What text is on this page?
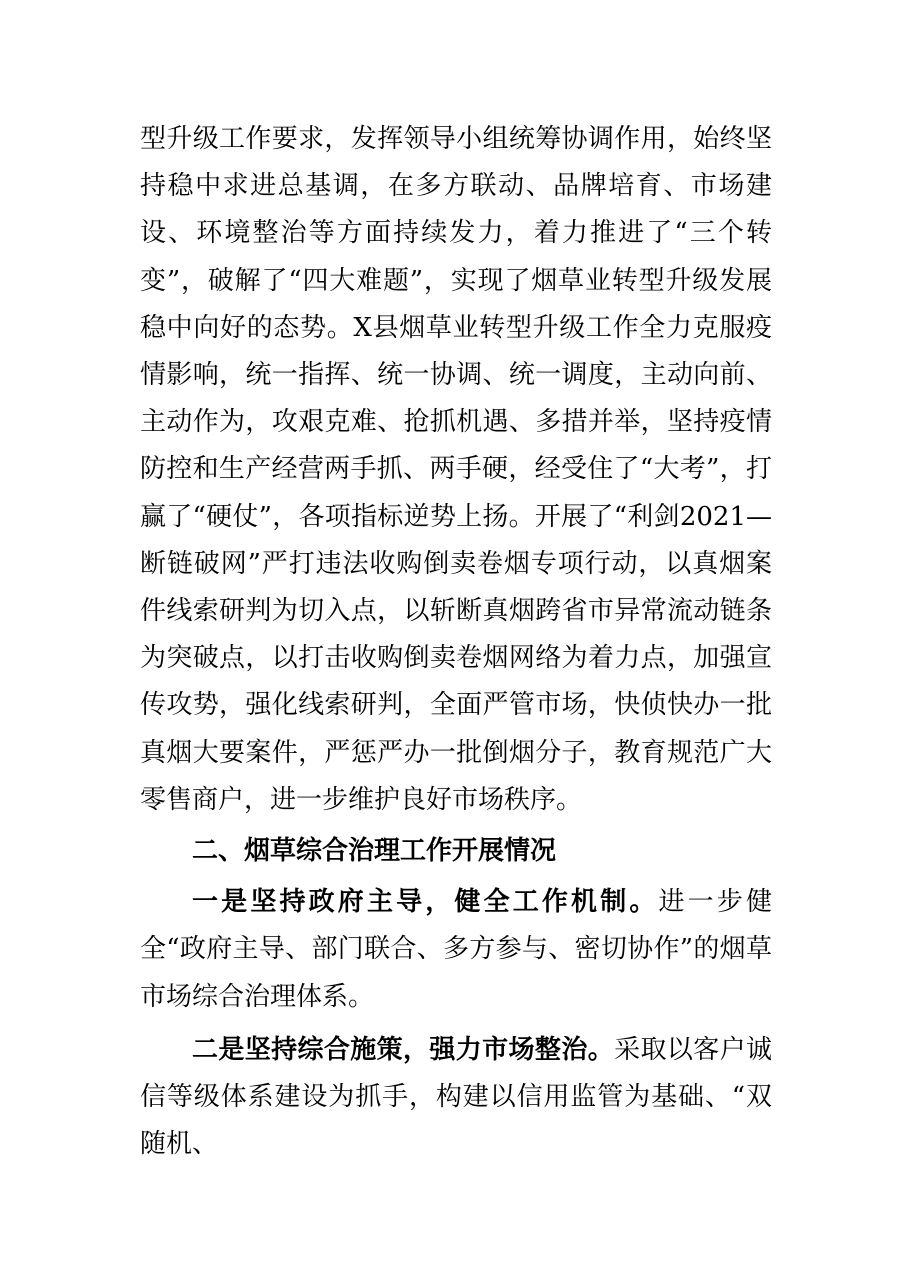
型升级工作要求，发挥领导小组统筹协调作用，始终坚持稳中求进总基调，在多方联动、品牌培育、市场建设、环境整治等方面持续发力，着力推进了“三个转变”，破解了“四大难题”，实现了烟草业转型升级发展稳中向好的态势。X县烟草业转型升级工作全力克服疫情影响，统一指挥、统一协调、统一调度，主动向前、主动作为，攻艰克难、抢抓机遇、多措并举，坚持疫情防控和生产经营两手抓、两手硬，经受住了“大考”，打赢了“硬仗”，各项指标逆势上扬。开展了“利剑2021—断链破网”严打违法收购倒卖卷烟专项行动，以真烟案件线索研判为切入点，以斩断真烟跨省市异常流动链条为突破点，以打击收购倒卖卷烟网络为着力点，加强宣传攻势，强化线索研判，全面严管市场，快侦快办一批真烟大要案件，严惩严办一批倒烟分子，教育规范广大零售商户，进一步维护良好市场秩序。

二、烟草综合治理工作开展情况

一是坚持政府主导，健全工作机制。进一步健全“政府主导、部门联合、多方参与、密切协作”的烟草市场综合治理体系。

二是坚持综合施策，强力市场整治。采取以客户诚信等级体系建设为抓手，构建以信用监管为基础、“双随机、
